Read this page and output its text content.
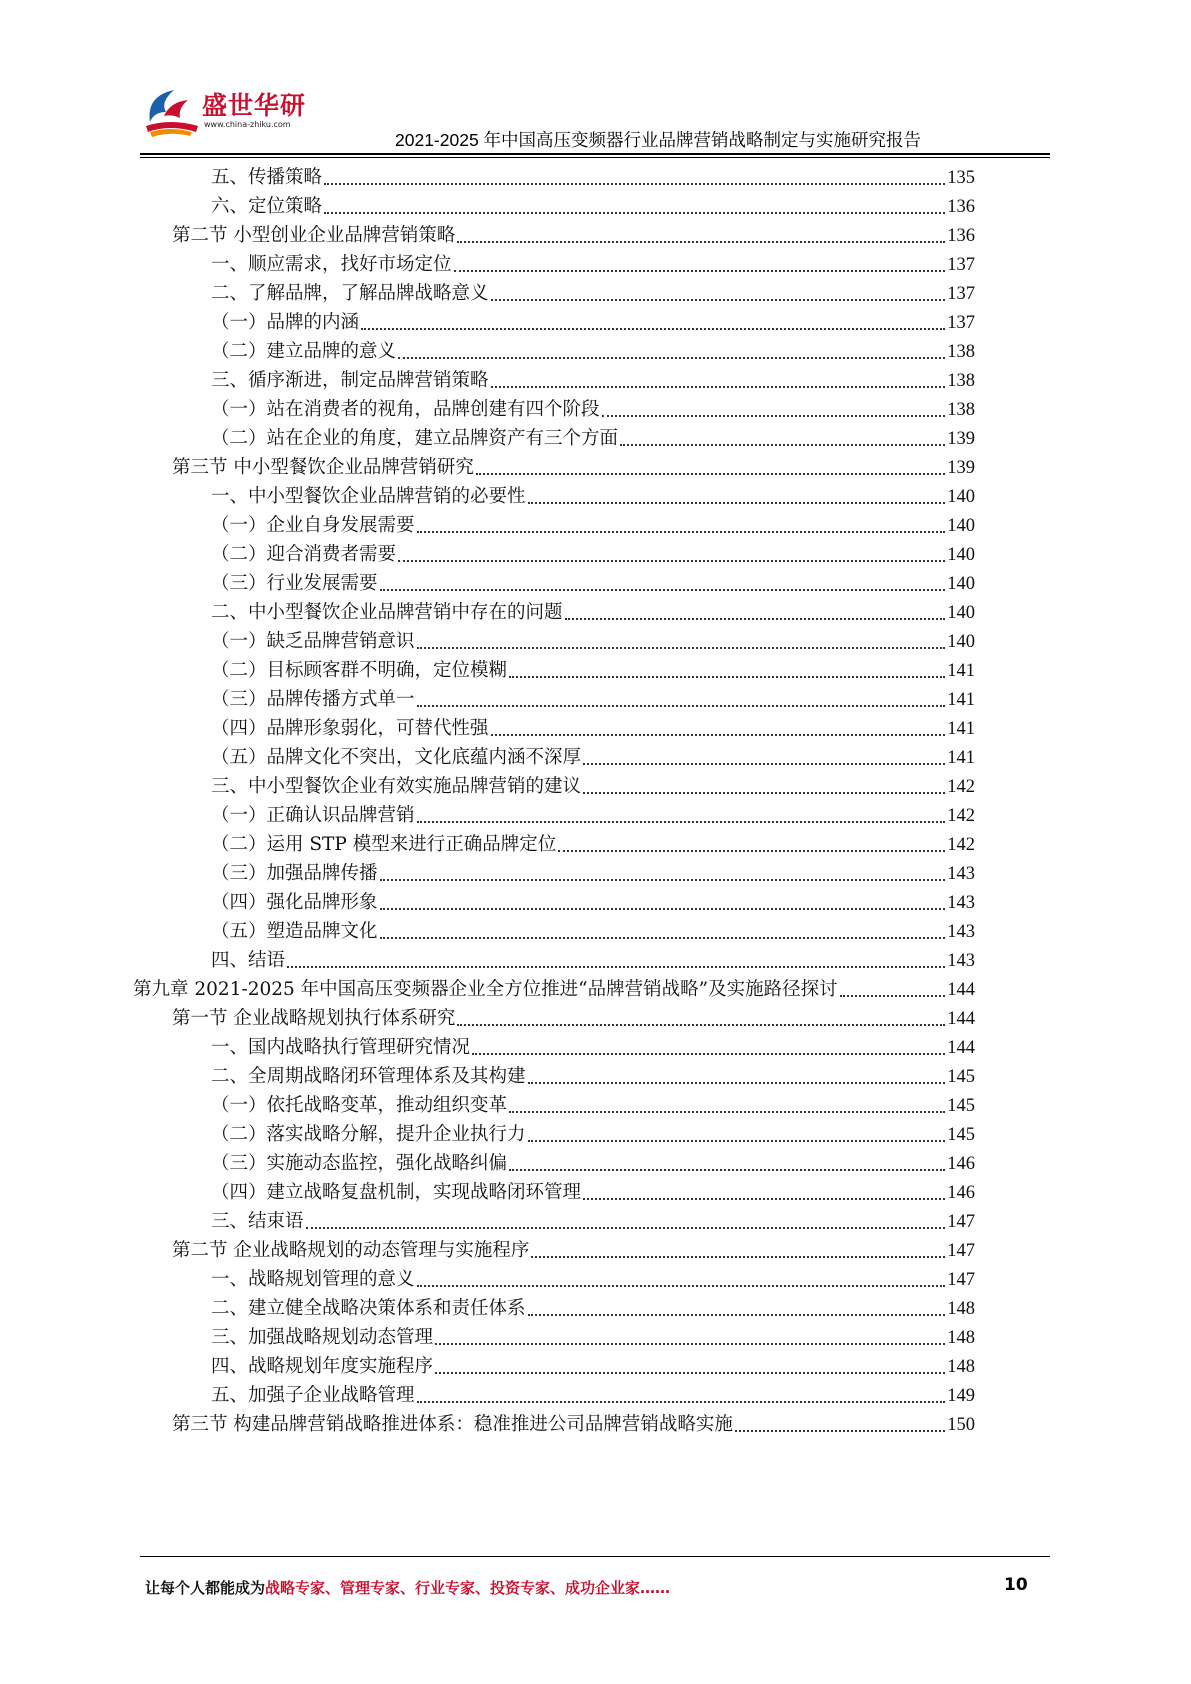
盛世华研
www.china-zhiku.com
2021-2025 年中国高压变频器行业品牌营销战略制定与实施研究报告
五、传播策略	135
六、定位策略	136
第二节 小型创业企业品牌营销策略	136
一、顺应需求，找好市场定位	137
二、了解品牌，了解品牌战略意义	137
（一）品牌的内涵	137
（二）建立品牌的意义	138
三、循序渐进，制定品牌营销策略	138
（一）站在消费者的视角，品牌创建有四个阶段	138
（二）站在企业的角度，建立品牌资产有三个方面	139
第三节 中小型餐饮企业品牌营销研究	139
一、中小型餐饮企业品牌营销的必要性	140
（一）企业自身发展需要	140
（二）迎合消费者需要	140
（三）行业发展需要	140
二、中小型餐饮企业品牌营销中存在的问题	140
（一）缺乏品牌营销意识	140
（二）目标顾客群不明确，定位模糊	141
（三）品牌传播方式单一	141
（四）品牌形象弱化，可替代性强	141
（五）品牌文化不突出，文化底蕴内涵不深厚	141
三、中小型餐饮企业有效实施品牌营销的建议	142
（一）正确认识品牌营销	142
（二）运用 STP 模型来进行正确品牌定位	142
（三）加强品牌传播	143
（四）强化品牌形象	143
（五）塑造品牌文化	143
四、结语	143
第九章 2021-2025 年中国高压变频器企业全方位推进“品牌营销战略”及实施路径探讨	144
第一节 企业战略规划执行体系研究	144
一、国内战略执行管理研究情况	144
二、全周期战略闭环管理体系及其构建	145
（一）依托战略变革，推动组织变革	145
（二）落实战略分解，提升企业执行力	145
（三）实施动态监控，强化战略纠偏	146
（四）建立战略复盘机制，实现战略闭环管理	146
三、结束语	147
第二节 企业战略规划的动态管理与实施程序	147
一、战略规划管理的意义	147
二、建立健全战略决策体系和责任体系	148
三、加强战略规划动态管理	148
四、战略规划年度实施程序	148
五、加强子企业战略管理	149
第三节 构建品牌营销战略推进体系：稳准推进公司品牌营销战略实施	150
让每个人都能成为战略专家、管理专家、行业专家、投资专家、成功企业家……	10
